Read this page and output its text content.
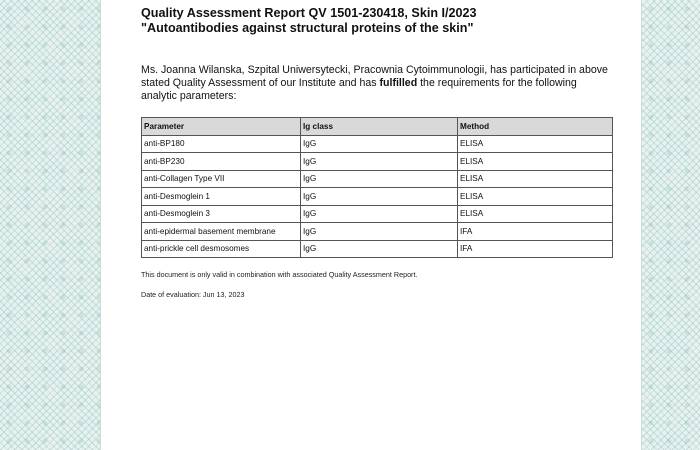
Quality Assessment Report QV 1501-230418, Skin I/2023

"Autoantibodies against structural proteins of the skin"

Ms. Joanna Wilanska, Szpital Uniwersytecki, Pracownia Cytoimmunologii, has participated in above stated Quality Assessment of our Institute and has fulfilled the requirements for the following analytic parameters:
Parameter	Ig class	Method
anti-BP180	IgG	ELISA
anti-BP230	IgG	ELISA
anti-Collagen Type VII	IgG	ELISA
anti-Desmoglein 1	IgG	ELISA
anti-Desmoglein 3	IgG	ELISA
anti-epidermal basement membrane	IgG	IFA
anti-prickle cell desmosomes	IgG	IFA
This document is only valid in combination with associated Quality Assessment Report.
Date of evaluation: Jun 13, 2023
